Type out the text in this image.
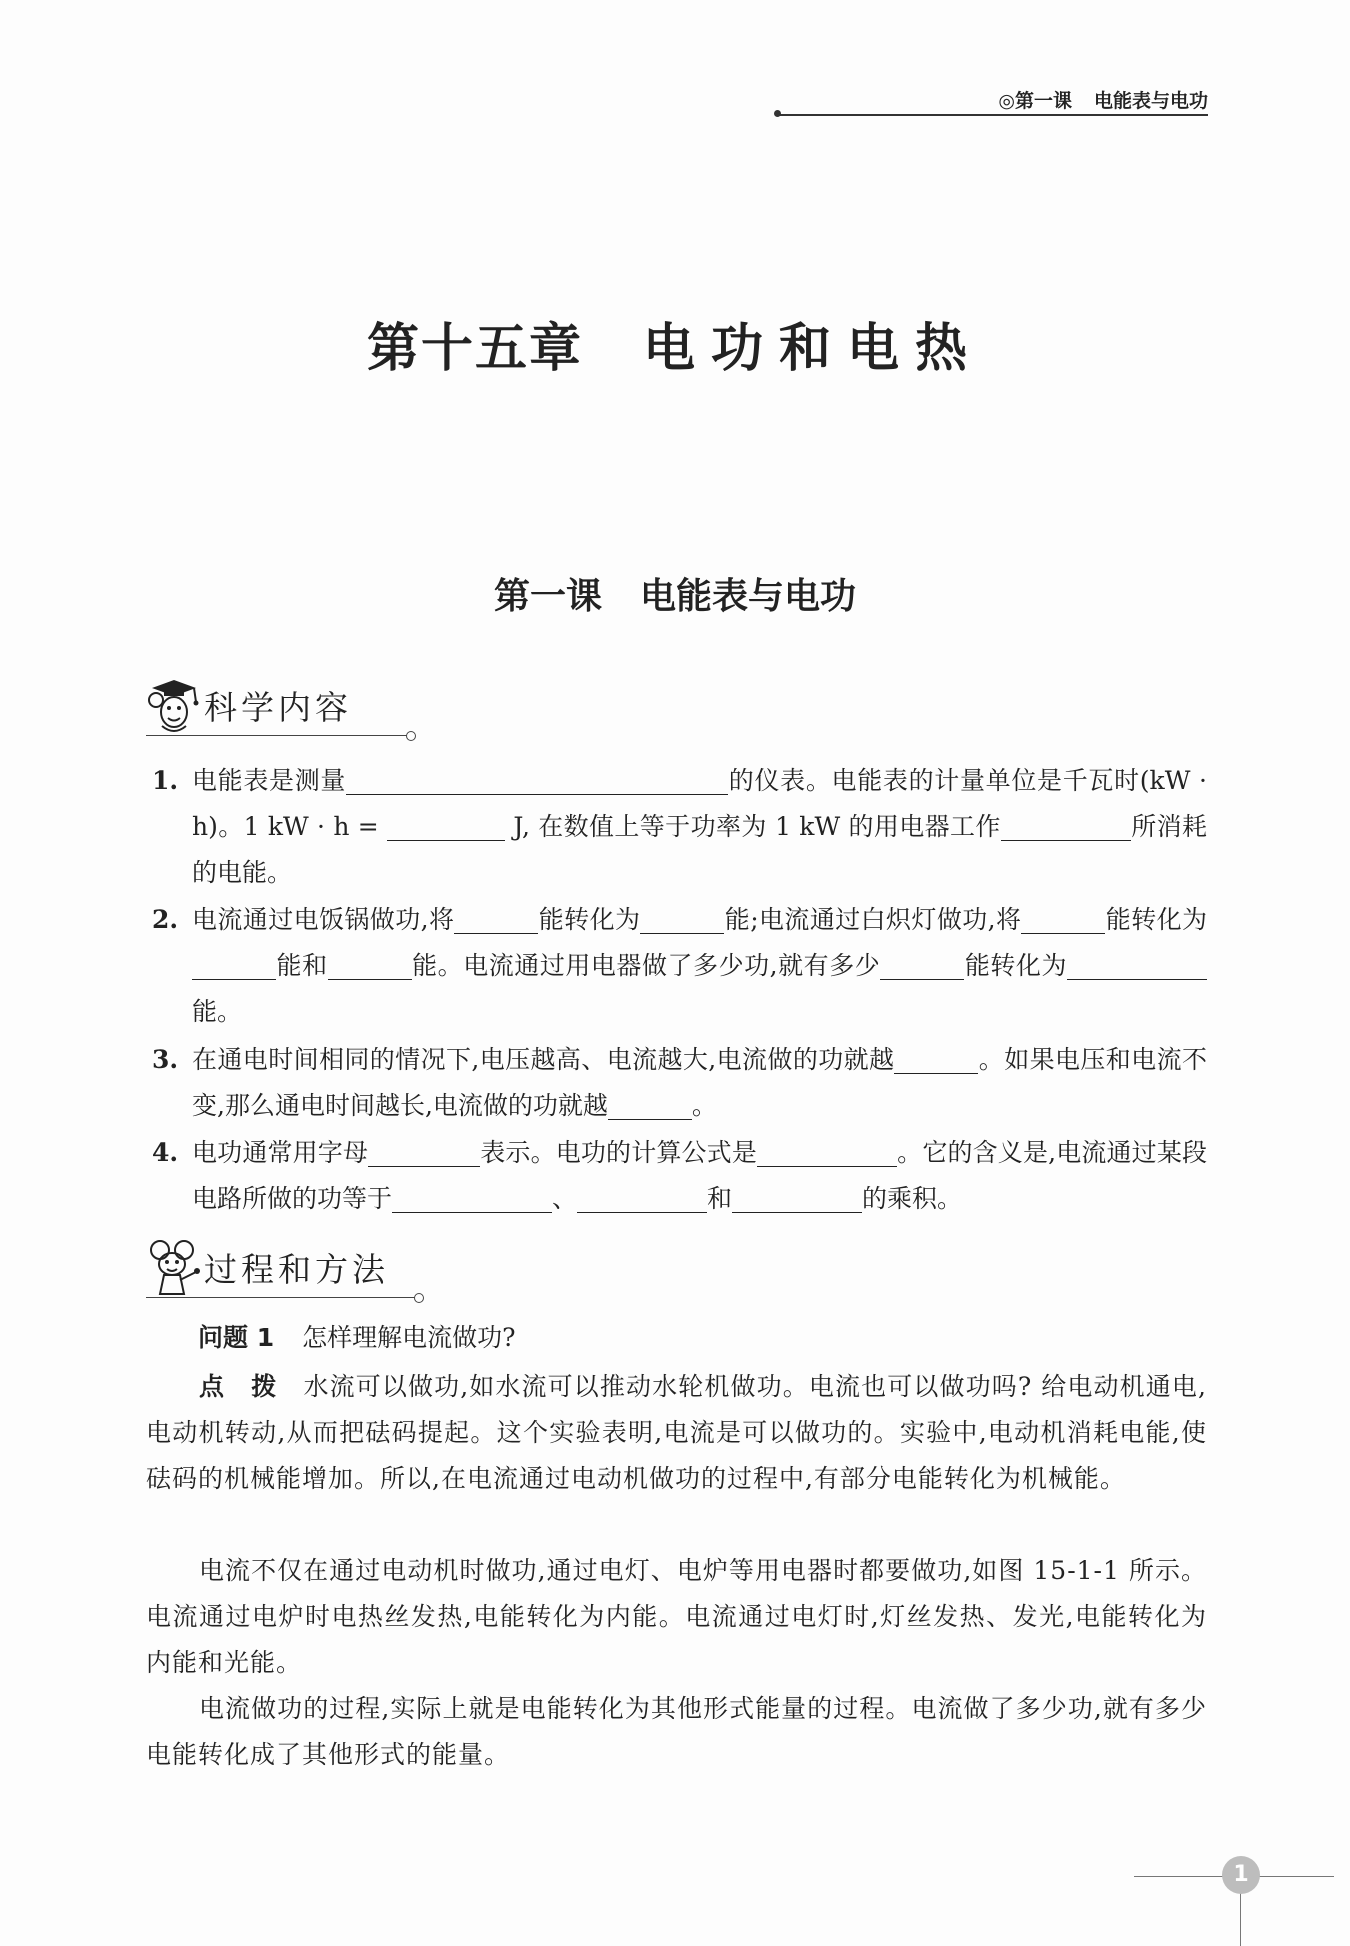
◎第一课 电能表与电功
第十五章 电功和电热
第一课 电能表与电功
科学内容
1. 电能表是测量	的仪表。电能表的计量单位是千瓦时(kW · h)。1 kW · h =	J, 在数值上等于功率为 1 kW 的用电器工作	所消耗的电能。
2. 电流通过电饭锅做功,将	能转化为	能;电流通过白炽灯做功,将	能转化为能和	能。电流通过用电器做了多少功,就有多少	能转化为能。
3. 在通电时间相同的情况下,电压越高、电流越大,电流做的功就越	。如果电压和电流不变,那么通电时间越长,电流做的功就越	。
4. 电功通常用字母	表示。电功的计算公式是	。它的含义是,电流通过某段电路所做的功等于	、	和	的乘积。
过程和方法
问题 1 怎样理解电流做功?
点　拨　 水流可以做功,如水流可以推动水轮机做功。电流也可以做功吗? 给电动机通电,电动机转动,从而把砝码提起。这个实验表明,电流是可以做功的。实验中,电动机消耗电能,使砝码的机械能增加。所以,在电流通过电动机做功的过程中,有部分电能转化为机械能。
电流不仅在通过电动机时做功,通过电灯、电炉等用电器时都要做功,如图 15-1-1 所示。电流通过电炉时电热丝发热,电能转化为内能。电流通过电灯时,灯丝发热、发光,电能转化为内能和光能。
电流做功的过程,实际上就是电能转化为其他形式能量的过程。电流做了多少功,就有多少电能转化成了其他形式的能量。
1
